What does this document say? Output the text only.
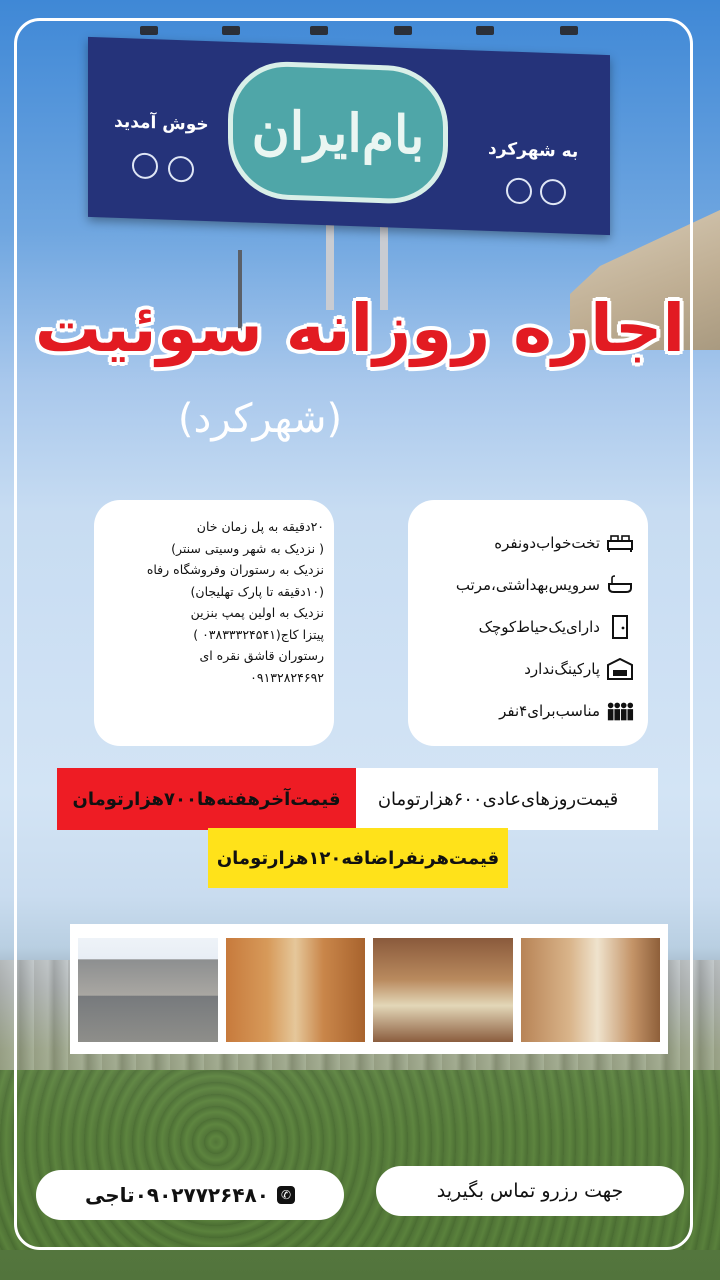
خوش آمدید بام‌ایران	به شهرکرد
اجاره روزانه سوئیت
(شهرکرد)

۲۰دقیقه به پل زمان خان

( نزدیک به شهر وسیتی سنتر)

نزدیک به رستوران وفروشگاه رفاه

(۱۰دقیقه تا پارک تهلیجان)

نزدیک به اولین پمپ بنزین

پیتزا کاج(۰۳۸۳۳۳۲۴۵۴۱ )

رستوران قاشق نقره ای

۰۹۱۳۲۸۲۴۶۹۲

تخت‌خواب‌دونفره
سرویس‌بهداشتی،مرتب
دارای‌یک‌حیاط‌کوچک
پارکینگ‌ندارد
مناسب‌برای۴نفر
قیمت‌روزهای‌عادی۶۰۰هزارتومان
قیمت‌آخرهفته‌ها۷۰۰هزارتومان
قیمت‌هرنفراضافه۱۲۰هزارتومان
جهت رزرو تماس بگیرید
۰۹۰۲۷۷۲۶۴۸۰تاجی ✆
